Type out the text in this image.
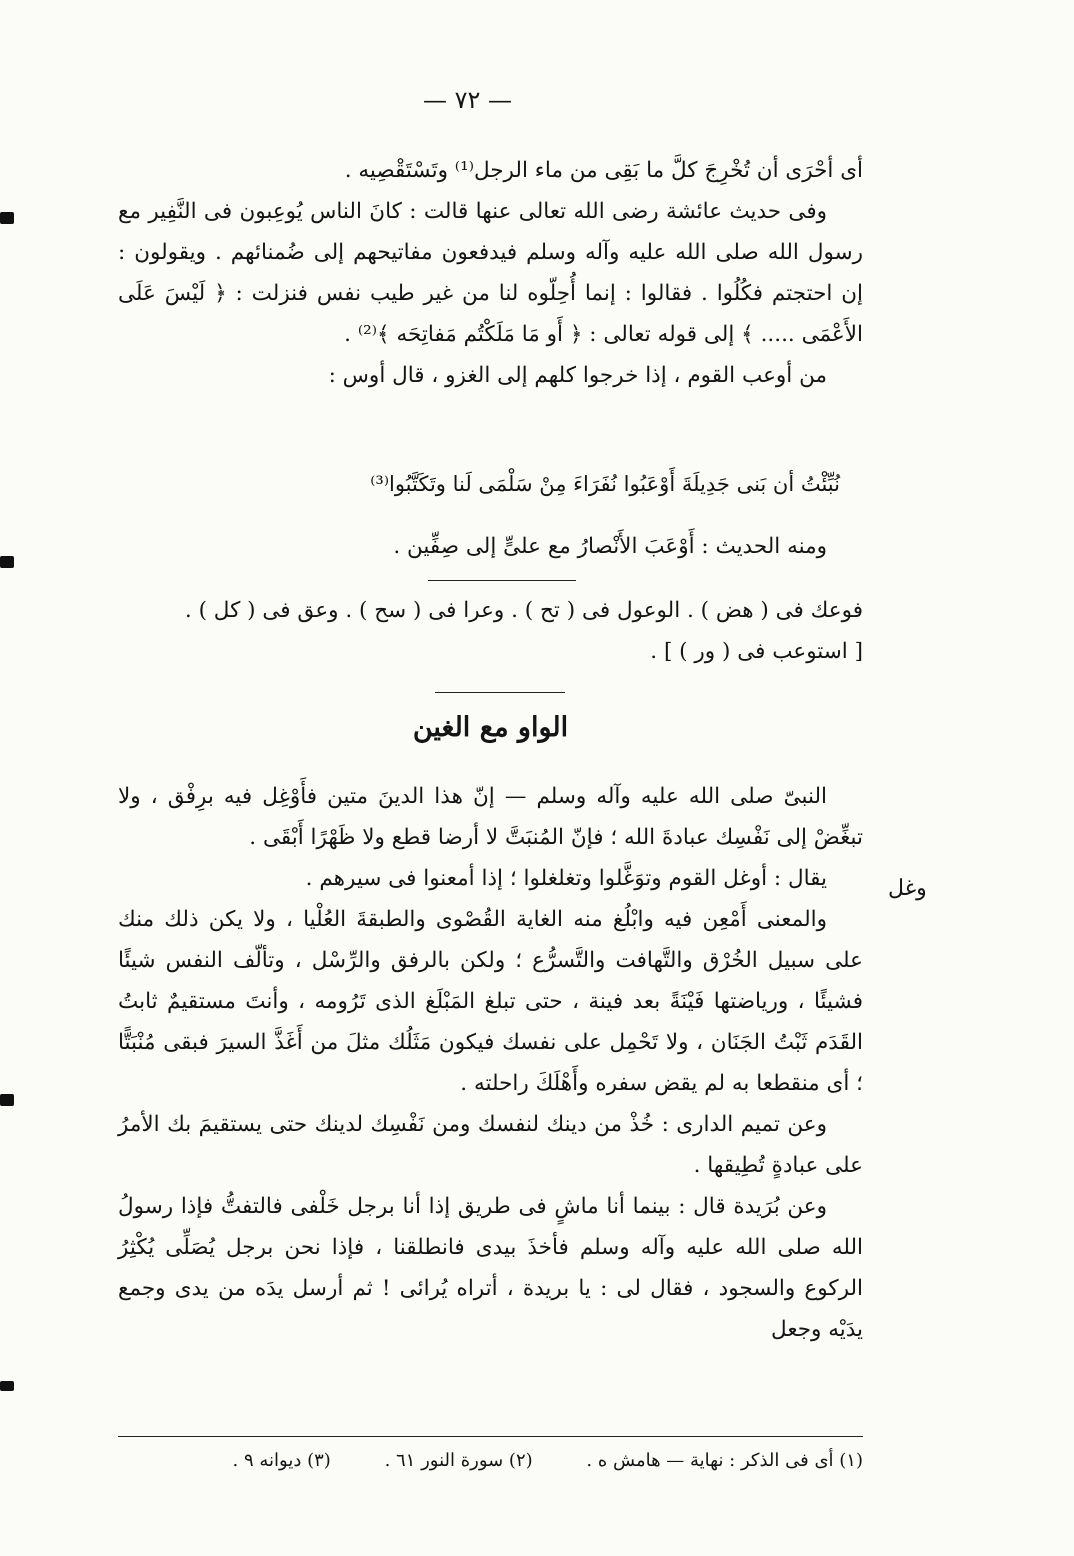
— ٧٢ —

أى أحْرَى أن تُخْرِجَ كلَّ ما بَقِى من ماء الرجل⁽¹⁾ وتَسْتَقْصِيه .

وفى حديث عائشة رضى الله تعالى عنها قالت : كانَ الناس يُوعِبون فى النَّفِير مع رسول الله صلى الله عليه وآله وسلم فيدفعون مفاتيحهم إلى ضُمنائهم . ويقولون : إن احتجتم فكُلُوا . فقالوا : إنما أُحِلّوه لنا من غير طيب نفس فنزلت : ﴿ لَيْسَ عَلَى الأَعْمَى ..... ﴾ إلى قوله تعالى : ﴿ أَو مَا مَلَكْتُم مَفاتِحَه ﴾⁽²⁾ .

من أوعب القوم ، إذا خرجوا كلهم إلى الغزو ، قال أوس :

نُبِّئْتُ أن بَنى جَدِيلَةَ أَوْعَبُوا نُفَرَاءَ مِنْ سَلْمَى لَنا وتَكَتَّبُوا⁽³⁾

ومنه الحديث : أَوْعَبَ الأَنْصارُ مع علىٍّ إلى صِفِّين .

فوعك فى ( هض ) . الوعول فى ( تح ) . وعرا فى ( سح ) . وعق فى ( كل ) .

[ استوعب فى ( ور ) ] .

الواو مع الغين
وغل

النبىّ صلى الله عليه وآله وسلم — إنّ هذا الدينَ متين فأَوْغِل فيه برِفْق ، ولا تبغِّضْ إلى نَفْسِك عبادةَ الله ؛ فإنّ المُنبَتَّ لا أرضا قطع ولا ظَهْرًا أَبْقَى .

يقال : أوغل القوم وتوَغَّلوا وتغلغلوا ؛ إذا أمعنوا فى سيرهم .

والمعنى أَمْعِن فيه وابْلُغ منه الغاية القُصْوى والطبقةَ العُلْيا ، ولا يكن ذلك منك على سبيل الخُرْق والتَّهافت والتَّسرُّع ؛ ولكن بالرفق والرِّسْل ، وتألّف النفس شيئًا فشيئًا ، ورياضتها فَيْنَةً بعد فينة ، حتى تبلغ المَبْلَغ الذى تَرُومه ، وأنتَ مستقيمٌ ثابتُ القَدَم ثَبْتُ الجَنَان ، ولا تَحْمِل على نفسك فيكون مَثَلُك مثلَ من أَغَذَّ السيرَ فبقى مُنْبَتًّا ؛ أى منقطعا به لم يقض سفره وأَهْلَكَ راحلته .

وعن تميم الدارى : خُذْ من دينك لنفسك ومن نَفْسِك لدينك حتى يستقيمَ بك الأمرُ على عبادةٍ تُطِيقها .

وعن بُرَيدة قال : بينما أنا ماشٍ فى طريق إذا أنا برجل خَلْفى فالتفتُّ فإذا رسولُ الله صلى الله عليه وآله وسلم فأخذَ بيدى فانطلقنا ، فإذا نحن برجل يُصَلِّى يُكْثِرُ الركوع والسجود ، فقال لى : يا بريدة ، أتراه يُرائى ! ثم أرسل يدَه من يدى وجمع يدَيْه وجعل

(١) أى فى الذكر : نهاية — هامش ه . (٢) سورة النور ٦١ . (٣) ديوانه ٩ .
